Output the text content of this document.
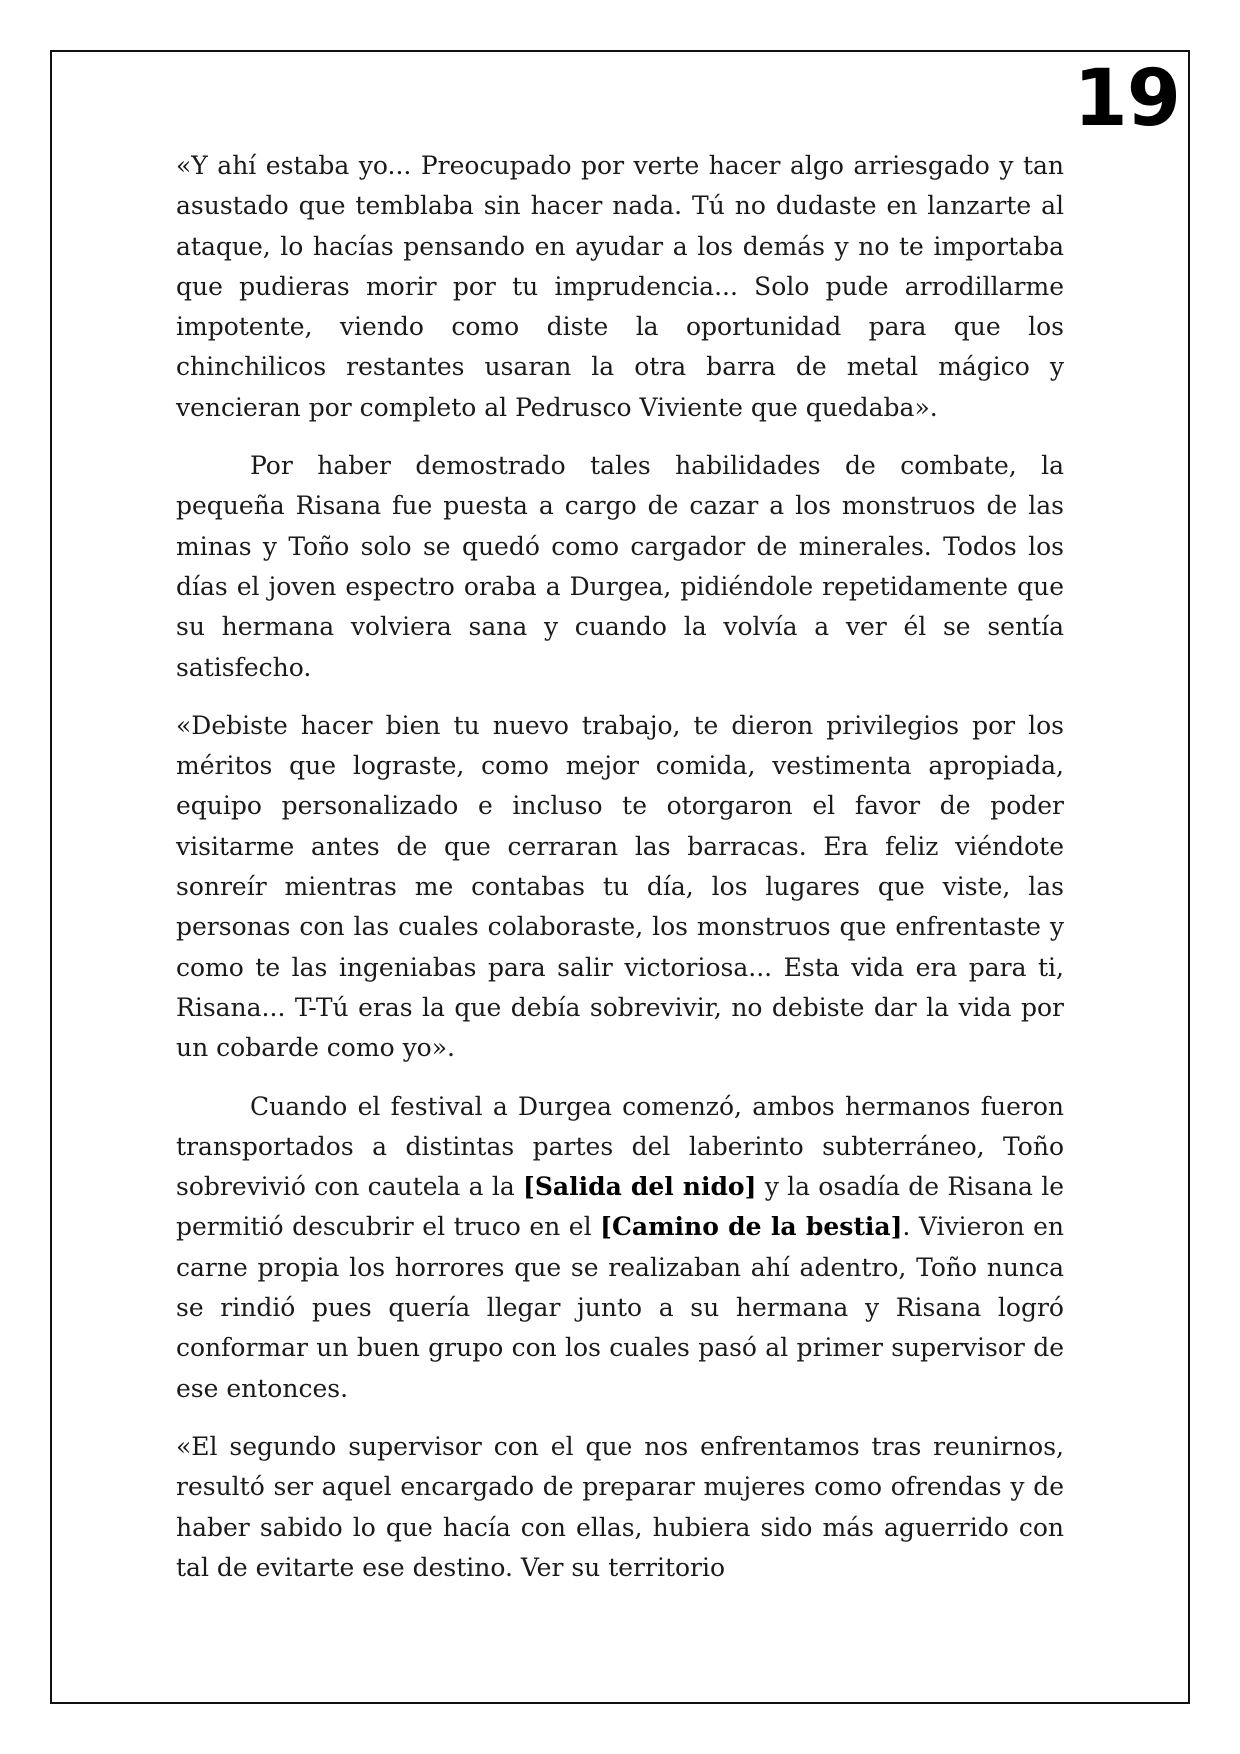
19

«Y ahí estaba yo... Preocupado por verte hacer algo arriesgado y tan asustado que temblaba sin hacer nada. Tú no dudaste en lanzarte al ataque, lo hacías pensando en ayudar a los demás y no te importaba que pudieras morir por tu imprudencia... Solo pude arrodillarme impotente, viendo como diste la oportunidad para que los chinchilicos restantes usaran la otra barra de metal mágico y vencieran por completo al Pedrusco Viviente que quedaba».

Por haber demostrado tales habilidades de combate, la pequeña Risana fue puesta a cargo de cazar a los monstruos de las minas y Toño solo se quedó como cargador de minerales. Todos los días el joven espectro oraba a Durgea, pidiéndole repetidamente que su hermana volviera sana y cuando la volvía a ver él se sentía satisfecho.

«Debiste hacer bien tu nuevo trabajo, te dieron privilegios por los méritos que lograste, como mejor comida, vestimenta apropiada, equipo personalizado e incluso te otorgaron el favor de poder visitarme antes de que cerraran las barracas. Era feliz viéndote sonreír mientras me contabas tu día, los lugares que viste, las personas con las cuales colaboraste, los monstruos que enfrentaste y como te las ingeniabas para salir victoriosa... Esta vida era para ti, Risana... T-Tú eras la que debía sobrevivir, no debiste dar la vida por un cobarde como yo».

Cuando el festival a Durgea comenzó, ambos hermanos fueron transportados a distintas partes del laberinto subterráneo, Toño sobrevivió con cautela a la [Salida del nido] y la osadía de Risana le permitió descubrir el truco en el [Camino de la bestia]. Vivieron en carne propia los horrores que se realizaban ahí adentro, Toño nunca se rindió pues quería llegar junto a su hermana y Risana logró conformar un buen grupo con los cuales pasó al primer supervisor de ese entonces.

«El segundo supervisor con el que nos enfrentamos tras reunirnos, resultó ser aquel encargado de preparar mujeres como ofrendas y de haber sabido lo que hacía con ellas, hubiera sido más aguerrido con tal de evitarte ese destino. Ver su territorio
